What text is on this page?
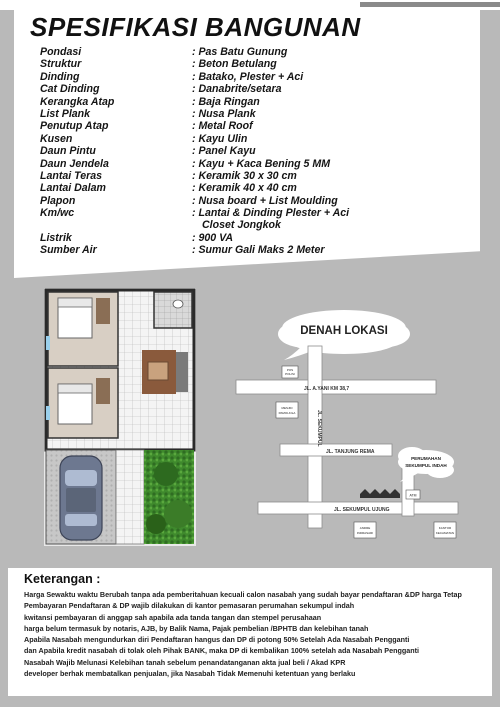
SPESIFIKASI BANGUNAN
Pondasi	: Pas Batu Gunung
Struktur	: Beton Betulang
Dinding	: Batako, Plester + Aci
Cat Dinding	: Danabrite/setara
Kerangka Atap	: Baja Ringan
List Plank	: Nusa Plank
Penutup Atap	: Metal Roof
Kusen	: Kayu Ulin
Daun Pintu	: Panel Kayu
Daun Jendela	: Kayu + Kaca Bening 5 MM
Lantai Teras	: Keramik 30 x 30 cm
Lantai Dalam	: Keramik 40 x 40 cm
Plapon	: Nusa board + List Moulding
Km/wc	: Lantai & Dinding Plester + Aci
Closet Jongkok
Listrik	: 900 VA
Sumber Air	: Sumur Gali Maks 2 Meter
DENAH LOKASI
JL. A.YANI KM 38,7
JL. SEKUMPUL
JL. TANJUNG REMA
JL. SEKUMPUL UJUNG
POS
POLISI
MESJID
PAMOLKILA
PERUMAHAN
SEKUMPUL INDAH
ATM
ANDRE
INDRASARI
KANTOR
KECAMATAN
Keterangan :
Harga Sewaktu waktu Berubah tanpa ada pemberitahuan kecuali calon nasabah yang sudah bayar pendaftaran &DP harga Tetap
Pembayaran Pendaftaran & DP wajib dilakukan di kantor pemasaran perumahan sekumpul indah
kwitansi pembayaran di anggap sah apabila ada tanda tangan dan stempel perusahaan
harga belum termasuk by notaris, AJB, by Balik Nama, Pajak pembelian /BPHTB dan kelebihan tanah
Apabila Nasabah mengundurkan diri Pendaftaran hangus dan DP di potong 50% Setelah Ada Nasabah Pengganti
dan Apabila kredit nasabah di tolak oleh Pihak BANK, maka DP di kembalikan 100% setelah ada Nasabah Pengganti
Nasabah Wajib Melunasi Kelebihan tanah sebelum penandatanganan akta jual beli / Akad KPR
developer berhak membatalkan penjualan, jika Nasabah Tidak Memenuhi ketentuan yang berlaku
